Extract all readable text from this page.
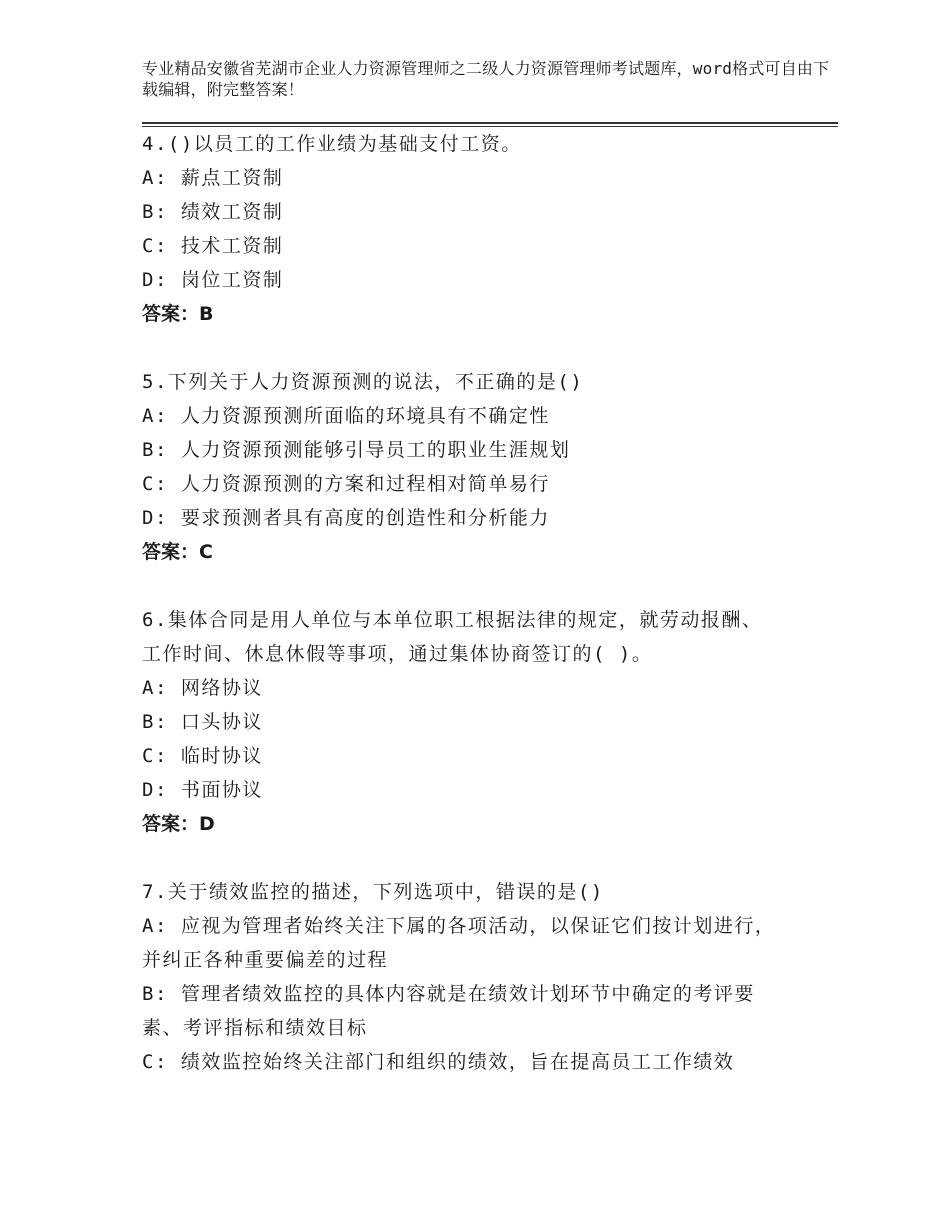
专业精品安徽省芜湖市企业人力资源管理师之二级人力资源管理师考试题库，word格式可自由下载编辑，附完整答案！
4.()以员工的工作业绩为基础支付工资。
A: 薪点工资制
B: 绩效工资制
C: 技术工资制
D: 岗位工资制
答案：B
5.下列关于人力资源预测的说法，不正确的是()
A: 人力资源预测所面临的环境具有不确定性
B: 人力资源预测能够引导员工的职业生涯规划
C: 人力资源预测的方案和过程相对简单易行
D: 要求预测者具有高度的创造性和分析能力
答案：C
6.集体合同是用人单位与本单位职工根据法律的规定，就劳动报酬、
工作时间、休息休假等事项，通过集体协商签订的( )。
A: 网络协议
B: 口头协议
C: 临时协议
D: 书面协议
答案：D
7.关于绩效监控的描述，下列选项中，错误的是()
A: 应视为管理者始终关注下属的各项活动，以保证它们按计划进行，
并纠正各种重要偏差的过程
B: 管理者绩效监控的具体内容就是在绩效计划环节中确定的考评要
素、考评指标和绩效目标
C: 绩效监控始终关注部门和组织的绩效，旨在提高员工工作绩效
